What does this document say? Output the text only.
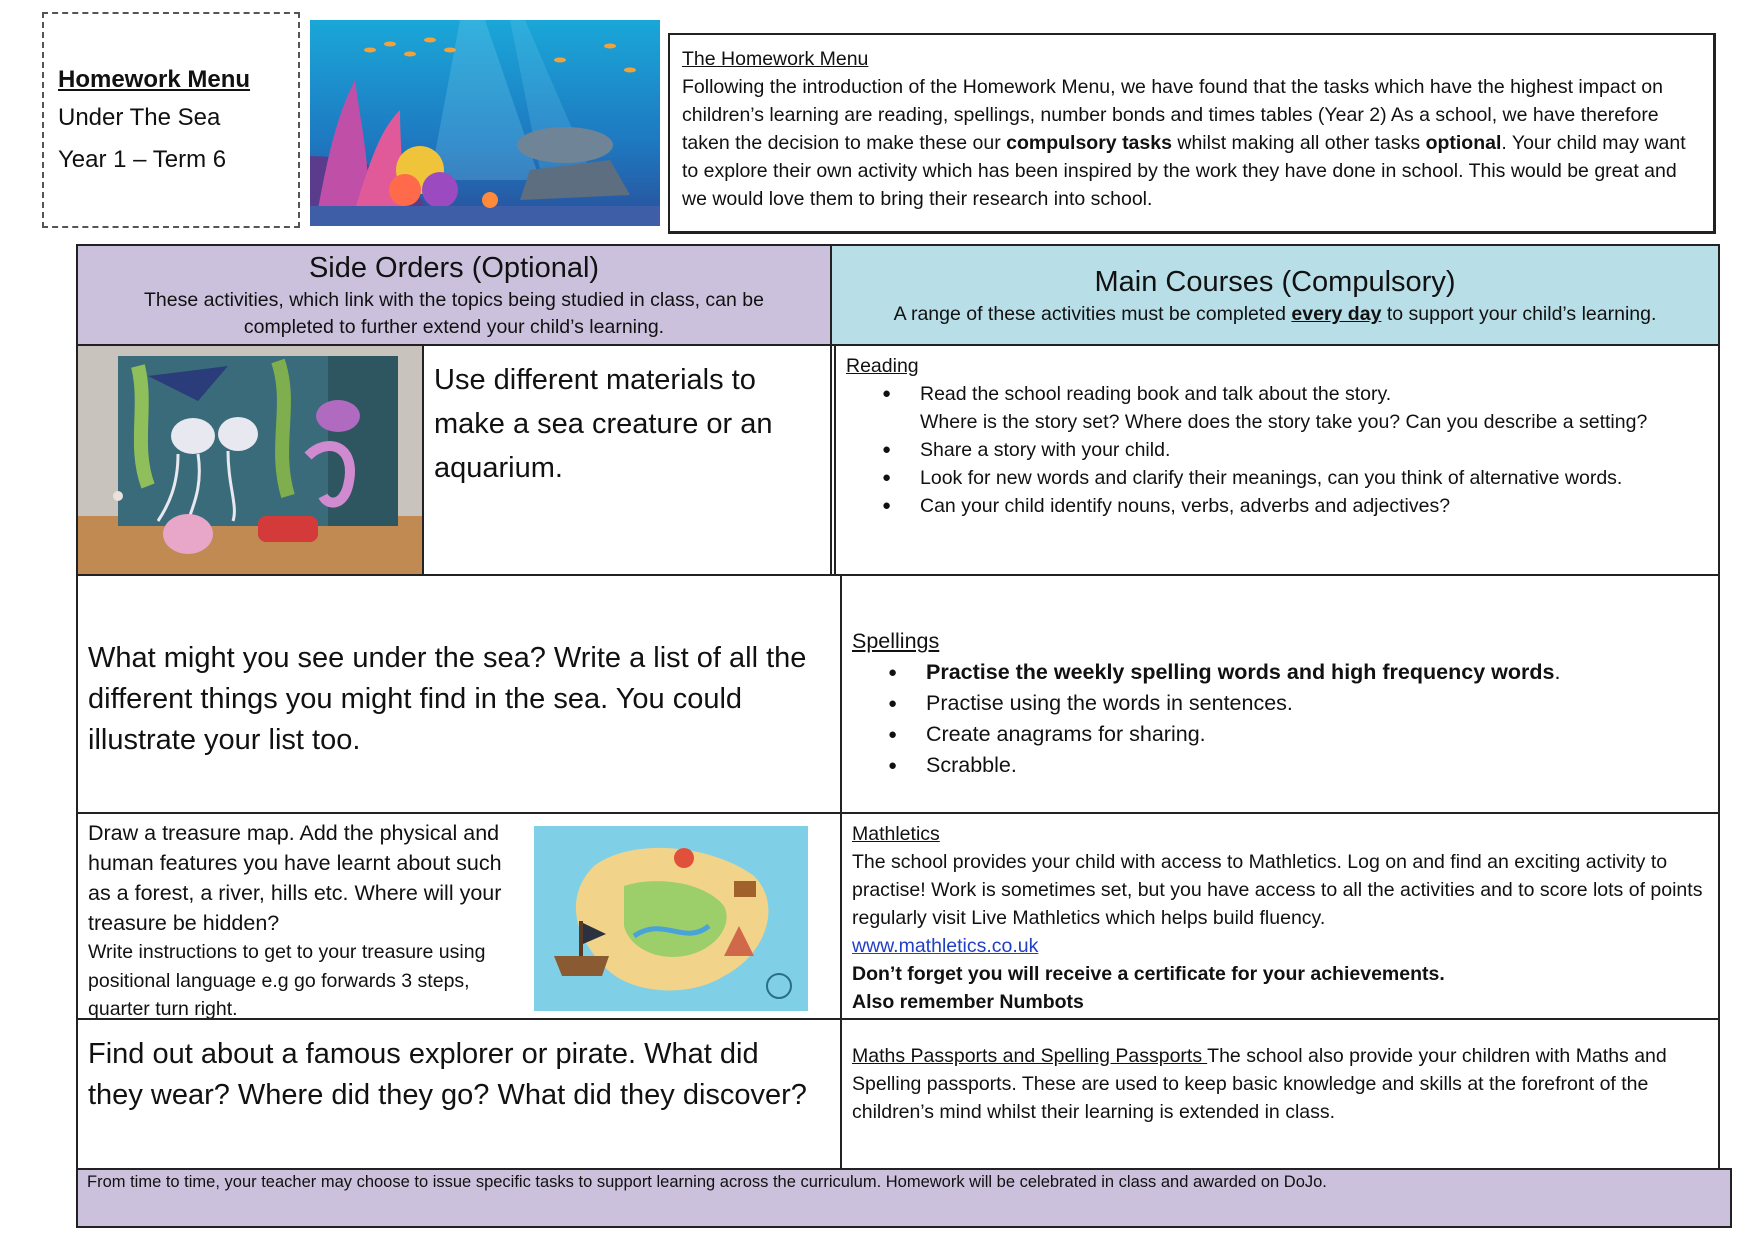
Homework Menu

Under The Sea

Year 1 – Term 6

The Homework Menu

Following the introduction of the Homework Menu, we have found that the tasks which have the highest impact on children’s learning are reading, spellings, number bonds and times tables (Year 2) As a school, we have therefore taken the decision to make these our compulsory tasks whilst making all other tasks optional. Your child may want to explore their own activity which has been inspired by the work they have done in school. This would be great and we would love them to bring their research into school.

Side Orders (Optional)
These activities, which link with the topics being studied in class, can be completed to further extend your child’s learning.
Main Courses (Compulsory)
A range of these activities must be completed every day to support your child’s learning.
Use different materials to make a sea creature or an aquarium.
Reading
● Read the school reading book and talk about the story.
Where is the story set? Where does the story take you? Can you describe a setting?
● Share a story with your child.
● Look for new words and clarify their meanings, can you think of alternative words.
● Can your child identify nouns, verbs, adverbs and adjectives?
What might you see under the sea? Write a list of all the different things you might find in the sea. You could illustrate your list too.
Spellings
● Practise the weekly spelling words and high frequency words.
● Practise using the words in sentences.
● Create anagrams for sharing.
● Scrabble.
Draw a treasure map. Add the physical and human features you have learnt about such as a forest, a river, hills etc. Where will your treasure be hidden?
Write instructions to get to your treasure using positional language e.g go forwards 3 steps, quarter turn right.
Mathletics
The school provides your child with access to Mathletics. Log on and find an exciting activity to practise! Work is sometimes set, but you have access to all the activities and to score lots of points regularly visit Live Mathletics which helps build fluency.
www.mathletics.co.uk
Don’t forget you will receive a certificate for your achievements.
Also remember Numbots
Find out about a famous explorer or pirate. What did they wear? Where did they go? What did they discover?
Maths Passports and Spelling Passports The school also provide your children with Maths and Spelling passports. These are used to keep basic knowledge and skills at the forefront of the children’s mind whilst their learning is extended in class.
From time to time, your teacher may choose to issue specific tasks to support learning across the curriculum. Homework will be celebrated in class and awarded on DoJo.
